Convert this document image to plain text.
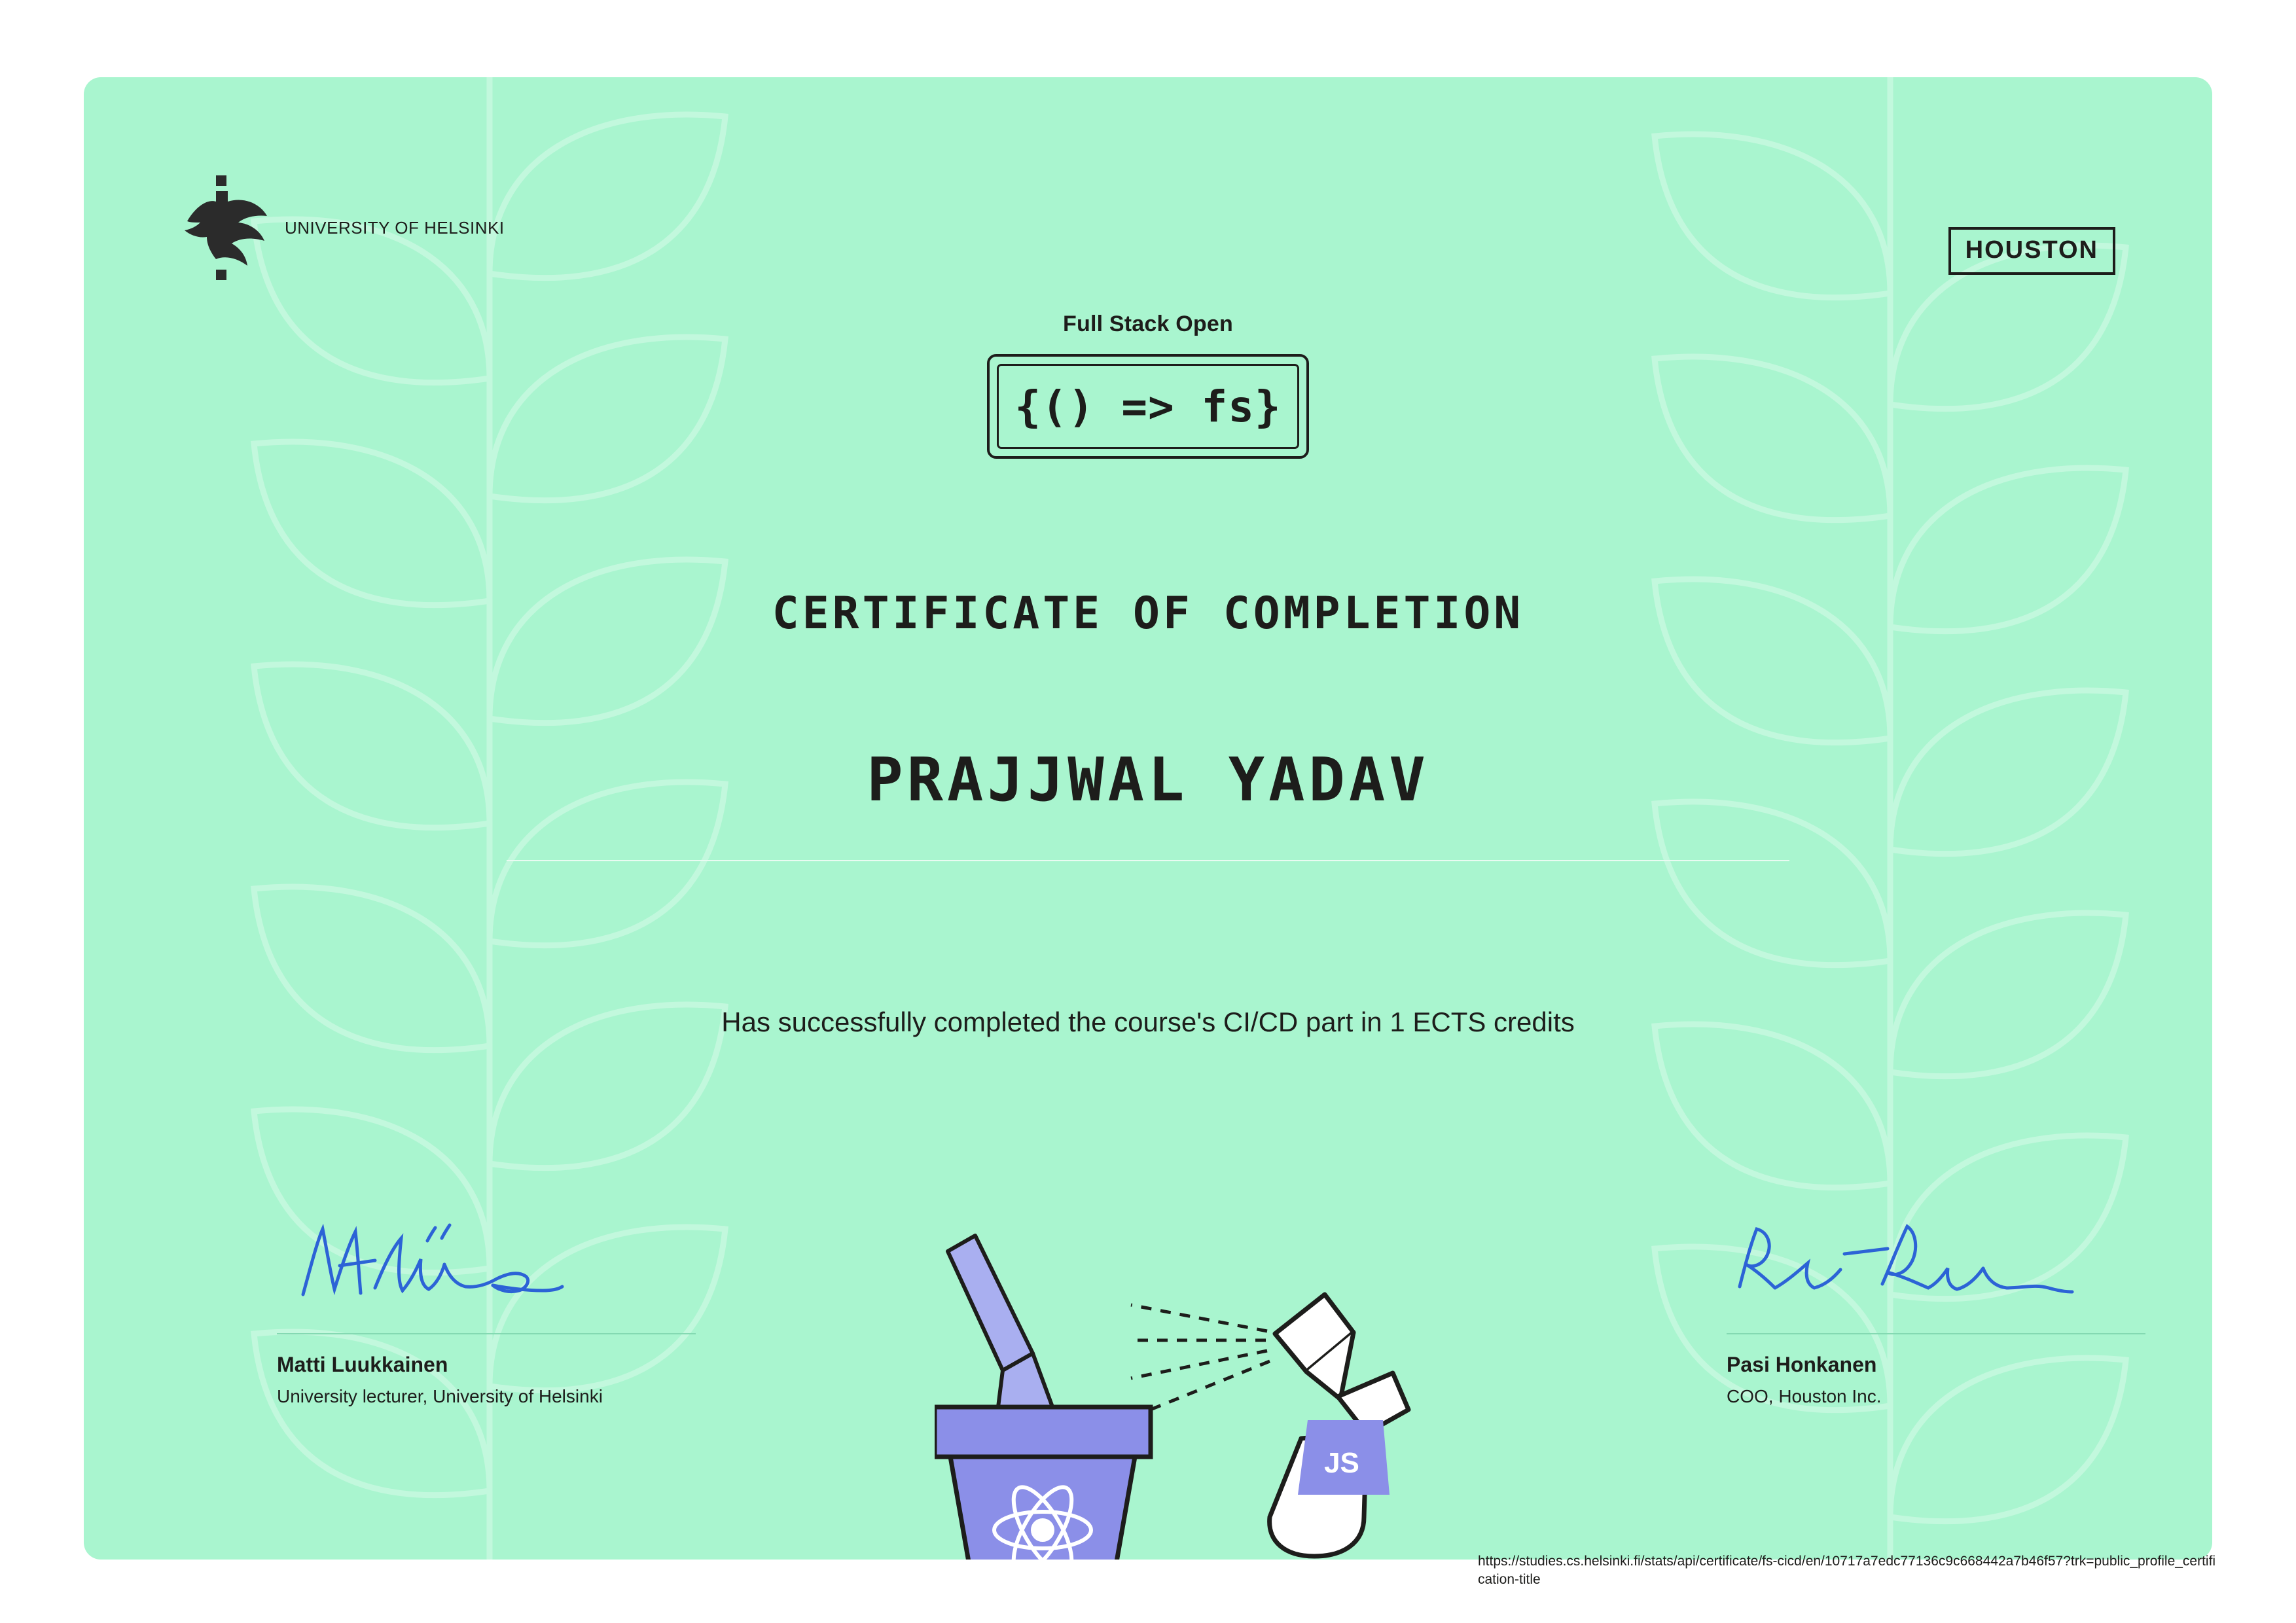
UNIVERSITY OF HELSINKI
HOUSTON
Full Stack Open
{() => fs}
CERTIFICATE OF COMPLETION
PRAJJWAL YADAV
Has successfully completed the course's CI/CD part in 1 ECTS credits
Matti Luukkainen
University lecturer, University of Helsinki
Pasi Honkanen
COO, Houston Inc.
JS
https://studies.cs.helsinki.fi/stats/api/certificate/fs-cicd/en/10717a7edc77136c9c668442a7b46f57?trk=public_profile_certification-title
